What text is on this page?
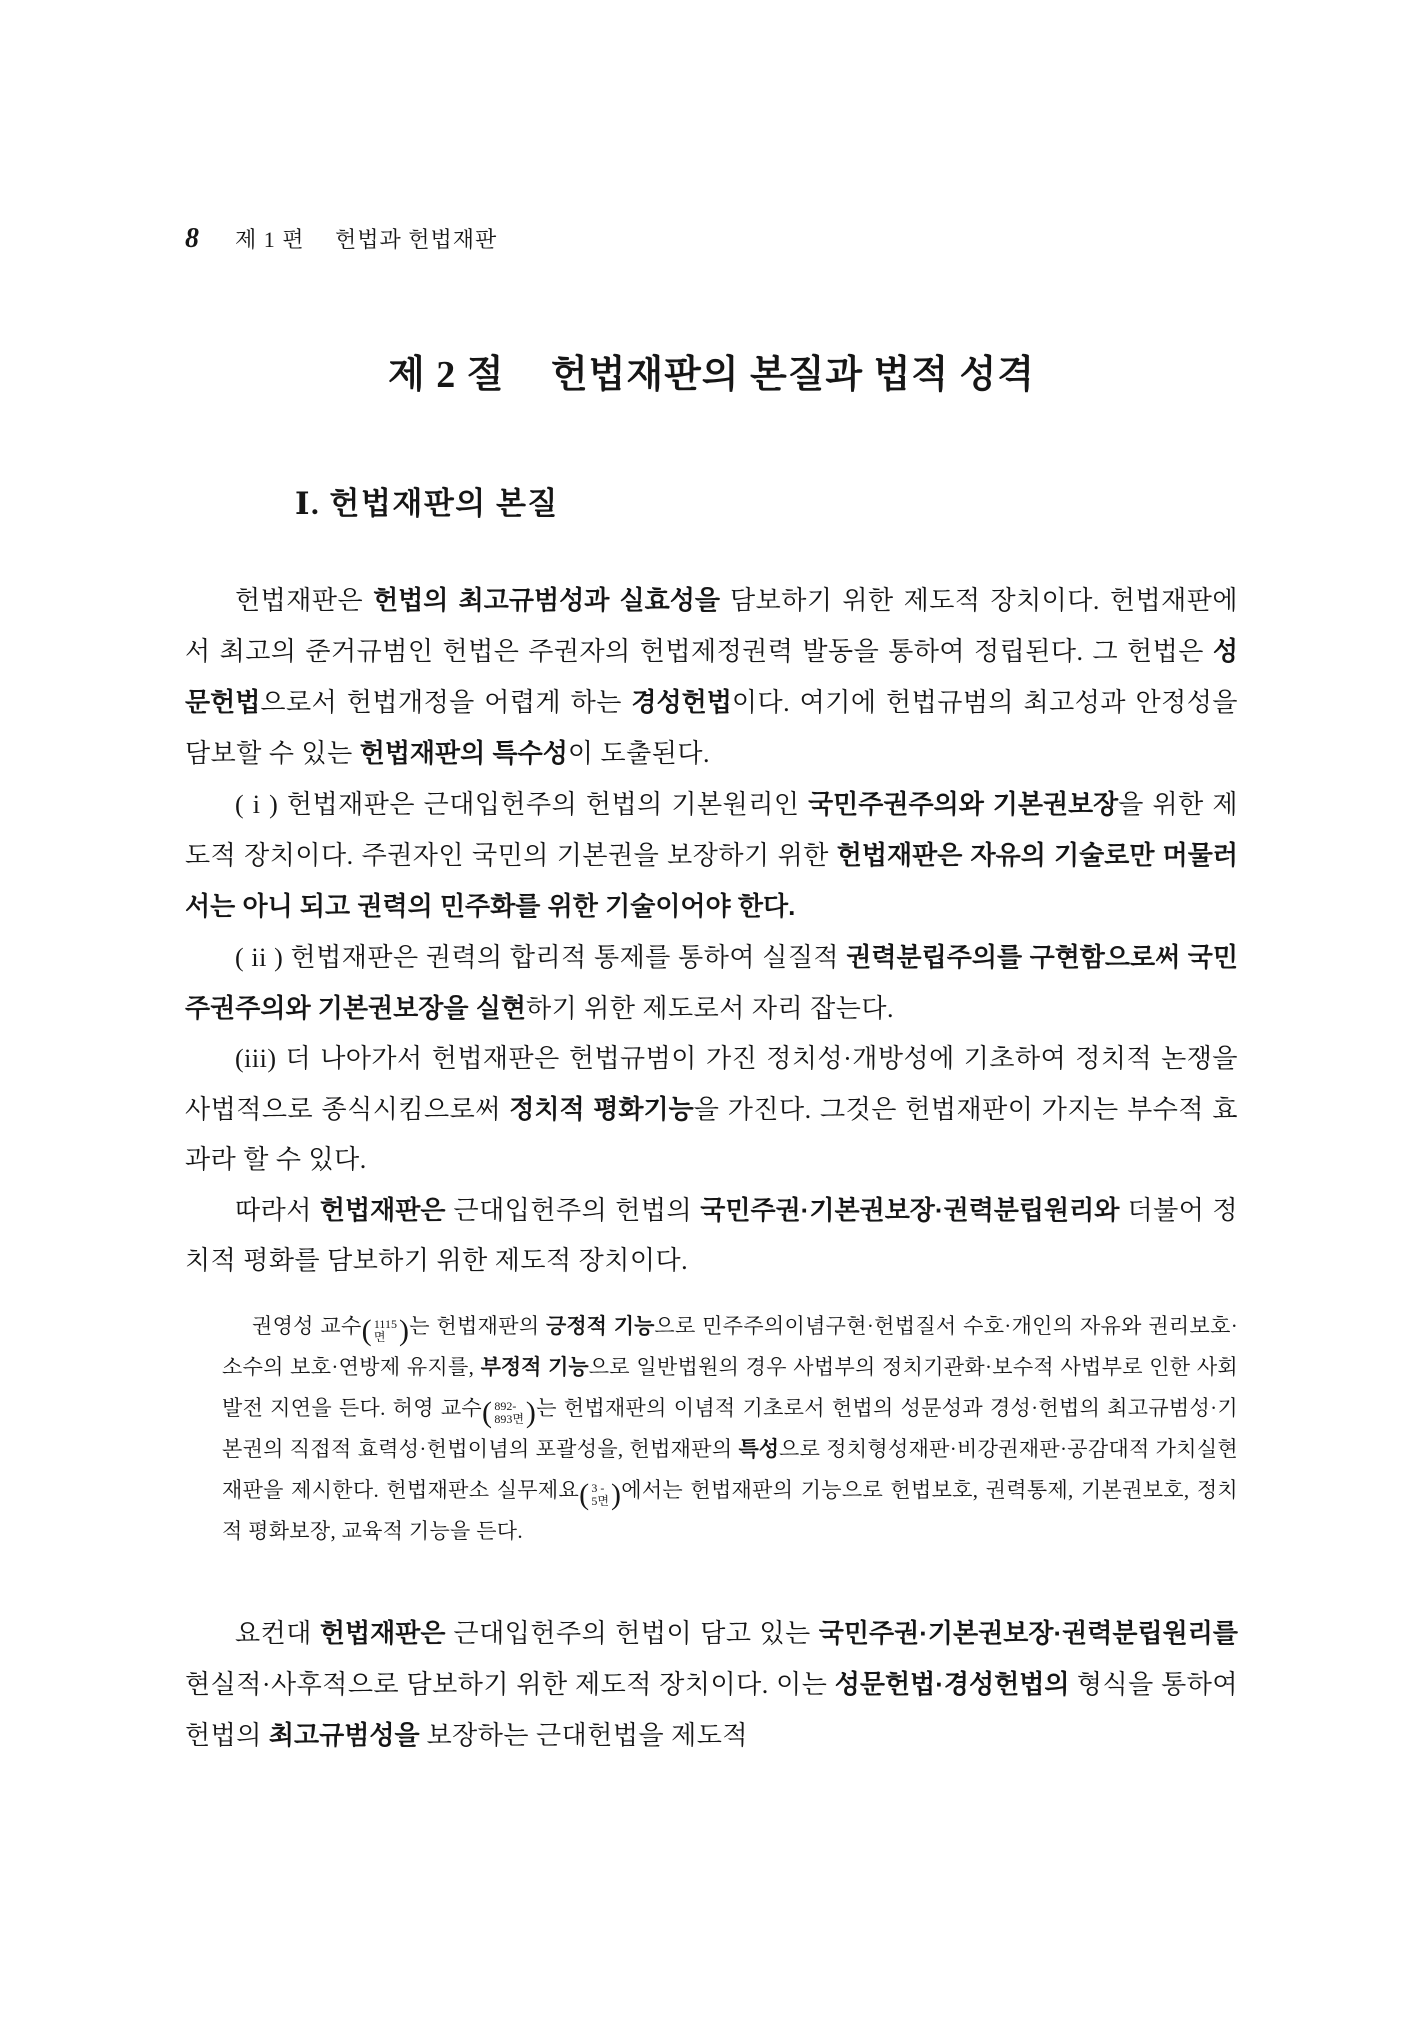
8 제 1 편 헌법과 헌법재판
제 2 절 헌법재판의 본질과 법적 성격
Ⅰ. 헌법재판의 본질

헌법재판은 헌법의 최고규범성과 실효성을 담보하기 위한 제도적 장치이다. 헌법재판에서 최고의 준거규범인 헌법은 주권자의 헌법제정권력 발동을 통하여 정립된다. 그 헌법은 성문헌법으로서 헌법개정을 어렵게 하는 경성헌법이다. 여기에 헌법규범의 최고성과 안정성을 담보할 수 있는 헌법재판의 특수성이 도출된다.

( i ) 헌법재판은 근대입헌주의 헌법의 기본원리인 국민주권주의와 기본권보장을 위한 제도적 장치이다. 주권자인 국민의 기본권을 보장하기 위한 헌법재판은 자유의 기술로만 머물러서는 아니 되고 권력의 민주화를 위한 기술이어야 한다.

( ii ) 헌법재판은 권력의 합리적 통제를 통하여 실질적 권력분립주의를 구현함으로써 국민주권주의와 기본권보장을 실현하기 위한 제도로서 자리 잡는다.

(iii) 더 나아가서 헌법재판은 헌법규범이 가진 정치성·개방성에 기초하여 정치적 논쟁을 사법적으로 종식시킴으로써 정치적 평화기능을 가진다. 그것은 헌법재판이 가지는 부수적 효과라 할 수 있다.

따라서 헌법재판은 근대입헌주의 헌법의 국민주권·기본권보장·권력분립원리와 더불어 정치적 평화를 담보하기 위한 제도적 장치이다.

권영성 교수 ( 1115
면 ) 는 헌법재판의 긍정적 기능으로 민주주의이념구현·헌법질서 수호·개인의 자유와 권리보호·소수의 보호·연방제 유지를, 부정적 기능으로 일반법원의 경우 사법부의 정치기관화·보수적 사법부로 인한 사회발전 지연을 든다. 허영 교수 ( 892-
893면 ) 는 헌법재판의 이념적 기초로서 헌법의 성문성과 경성·헌법의 최고규범성·기본권의 직접적 효력성·헌법이념의 포괄성을, 헌법재판의 특성으로 정치형성재판·비강권재판·공감대적 가치실현재판을 제시한다. 헌법재판소 실무제요 ( 3 -
5면 ) 에서는 헌법재판의 기능으로 헌법보호, 권력통제, 기본권보호, 정치적 평화보장, 교육적 기능을 든다.

요컨대 헌법재판은 근대입헌주의 헌법이 담고 있는 국민주권·기본권보장·권력분립원리를 현실적·사후적으로 담보하기 위한 제도적 장치이다. 이는 성문헌법·경성헌법의 형식을 통하여 헌법의 최고규범성을 보장하는 근대헌법을 제도적
